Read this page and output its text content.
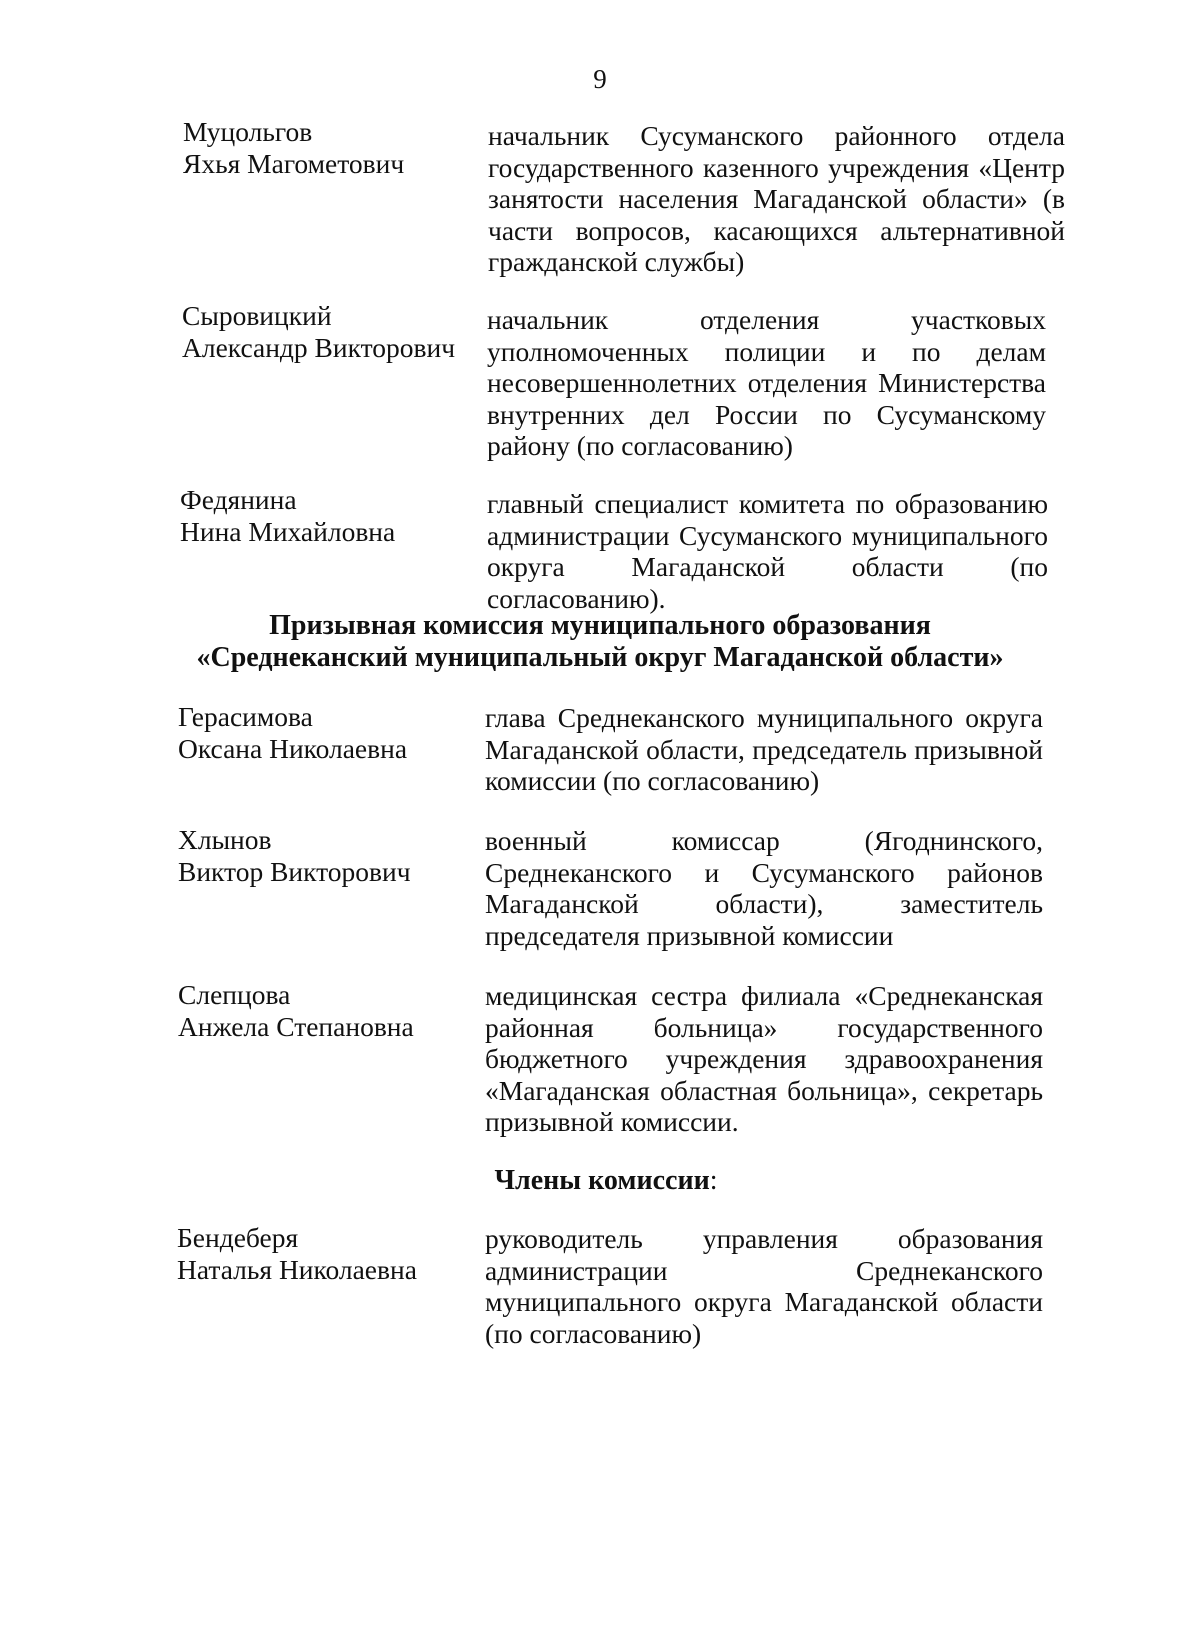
9
Муцольгов
Яхья Магометович
начальник Сусуманского районного отдела государственного казенного учреждения «Центр занятости населения Магаданской области» (в части вопросов, касающихся альтернативной гражданской службы)
Сыровицкий
Александр Викторович
начальник отделения участковых уполномоченных полиции и по делам несовершеннолетних отделения Министерства внутренних дел России по Сусуманскому району (по согласованию)
Федянина
Нина Михайловна
главный специалист комитета по образованию администрации Сусуманского муниципального округа Магаданской области (по согласованию).
Призывная комиссия муниципального образования
«Среднеканский муниципальный округ Магаданской области»
Герасимова
Оксана Николаевна
глава Среднеканского муниципального округа Магаданской области, председатель призывной комиссии (по согласованию)
Хлынов
Виктор Викторович
военный комиссар (Ягоднинского, Среднеканского и Сусуманского районов Магаданской области), заместитель председателя призывной комиссии
Слепцова
Анжела Степановна
медицинская сестра филиала «Среднеканская районная больница» государственного бюджетного учреждения здравоохранения «Магаданская областная больница», секретарь призывной комиссии.
Члены комиссии:
Бендеберя
Наталья Николаевна
руководитель управления образования администрации Среднеканского муниципального округа Магаданской области (по согласованию)
